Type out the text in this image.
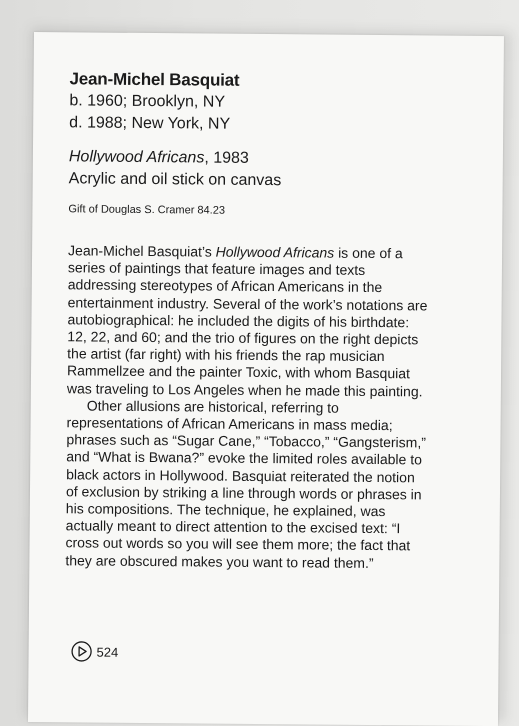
Jean-Michel Basquiat
b. 1960; Brooklyn, NY
d. 1988; New York, NY
Hollywood Africans, 1983
Acrylic and oil stick on canvas
Gift of Douglas S. Cramer 84.23

Jean-Michel Basquiat’s Hollywood Africans is one of a series of paintings that feature images and texts addressing stereotypes of African Americans in the entertainment industry. Several of the work’s notations are autobiographical: he included the digits of his birthdate: 12, 22, and 60; and the trio of figures on the right depicts the artist (far right) with his friends the rap musician Rammellzee and the painter Toxic, with whom Basquiat was traveling to Los Angeles when he made this painting.

Other allusions are historical, referring to representations of African Americans in mass media; phrases such as “Sugar Cane,” “Tobacco,” “Gangsterism,” and “What is Bwana?” evoke the limited roles available to black actors in Hollywood. Basquiat reiterated the notion of exclusion by striking a line through words or phrases in his compositions. The technique, he explained, was actually meant to direct attention to the excised text: “I cross out words so you will see them more; the fact that they are obscured makes you want to read them.”

524
